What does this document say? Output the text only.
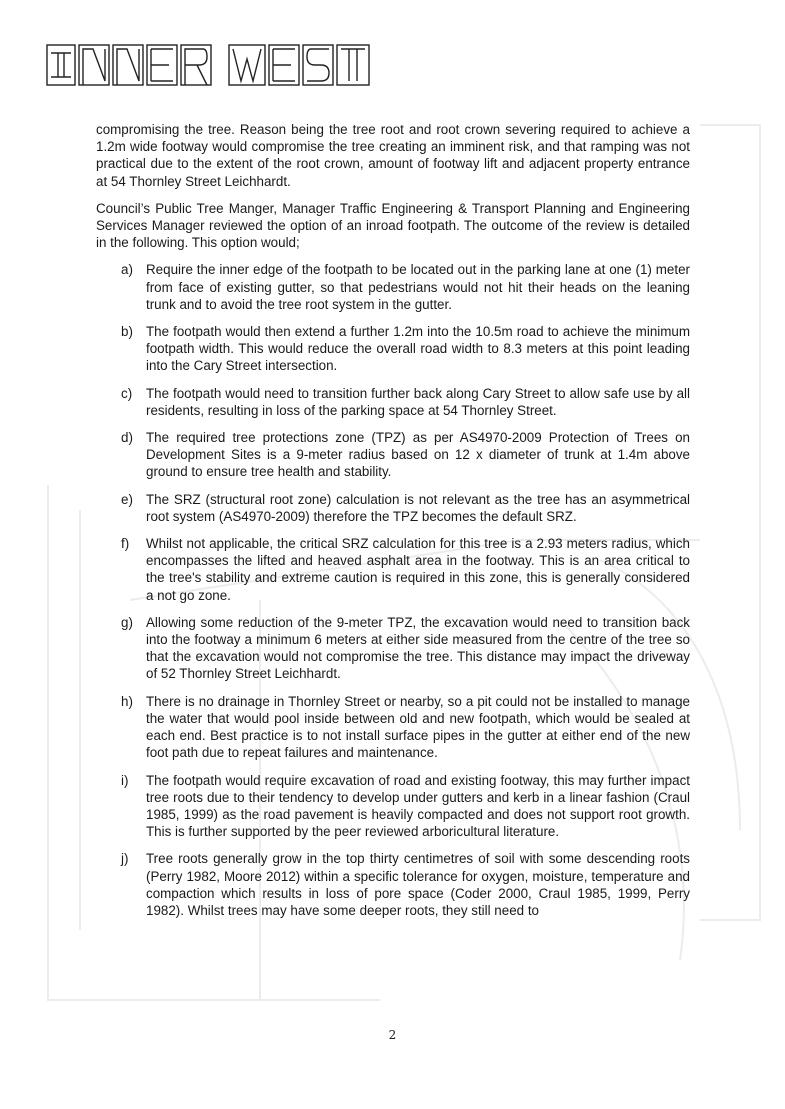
compromising the tree. Reason being the tree root and root crown severing required to achieve a 1.2m wide footway would compromise the tree creating an imminent risk, and that ramping was not practical due to the extent of the root crown, amount of footway lift and adjacent property entrance at 54 Thornley Street Leichhardt.

Council’s Public Tree Manger, Manager Traffic Engineering & Transport Planning and Engineering Services Manager reviewed the option of an inroad footpath. The outcome of the review is detailed in the following. This option would;

a) Require the inner edge of the footpath to be located out in the parking lane at one (1) meter from face of existing gutter, so that pedestrians would not hit their heads on the leaning trunk and to avoid the tree root system in the gutter.
b) The footpath would then extend a further 1.2m into the 10.5m road to achieve the minimum footpath width. This would reduce the overall road width to 8.3 meters at this point leading into the Cary Street intersection.
c) The footpath would need to transition further back along Cary Street to allow safe use by all residents, resulting in loss of the parking space at 54 Thornley Street.
d) The required tree protections zone (TPZ) as per AS4970-2009 Protection of Trees on Development Sites is a 9-meter radius based on 12 x diameter of trunk at 1.4m above ground to ensure tree health and stability.
e) The SRZ (structural root zone) calculation is not relevant as the tree has an asymmetrical root system (AS4970-2009) therefore the TPZ becomes the default SRZ.
f) Whilst not applicable, the critical SRZ calculation for this tree is a 2.93 meters radius, which encompasses the lifted and heaved asphalt area in the footway. This is an area critical to the tree's stability and extreme caution is required in this zone, this is generally considered a not go zone.
g) Allowing some reduction of the 9-meter TPZ, the excavation would need to transition back into the footway a minimum 6 meters at either side measured from the centre of the tree so that the excavation would not compromise the tree. This distance may impact the driveway of 52 Thornley Street Leichhardt.
h) There is no drainage in Thornley Street or nearby, so a pit could not be installed to manage the water that would pool inside between old and new footpath, which would be sealed at each end. Best practice is to not install surface pipes in the gutter at either end of the new foot path due to repeat failures and maintenance.
i) The footpath would require excavation of road and existing footway, this may further impact tree roots due to their tendency to develop under gutters and kerb in a linear fashion (Craul 1985, 1999) as the road pavement is heavily compacted and does not support root growth. This is further supported by the peer reviewed arboricultural literature.
j) Tree roots generally grow in the top thirty centimetres of soil with some descending roots (Perry 1982, Moore 2012) within a specific tolerance for oxygen, moisture, temperature and compaction which results in loss of pore space (Coder 2000, Craul 1985, 1999, Perry 1982). Whilst trees may have some deeper roots, they still need to
2
